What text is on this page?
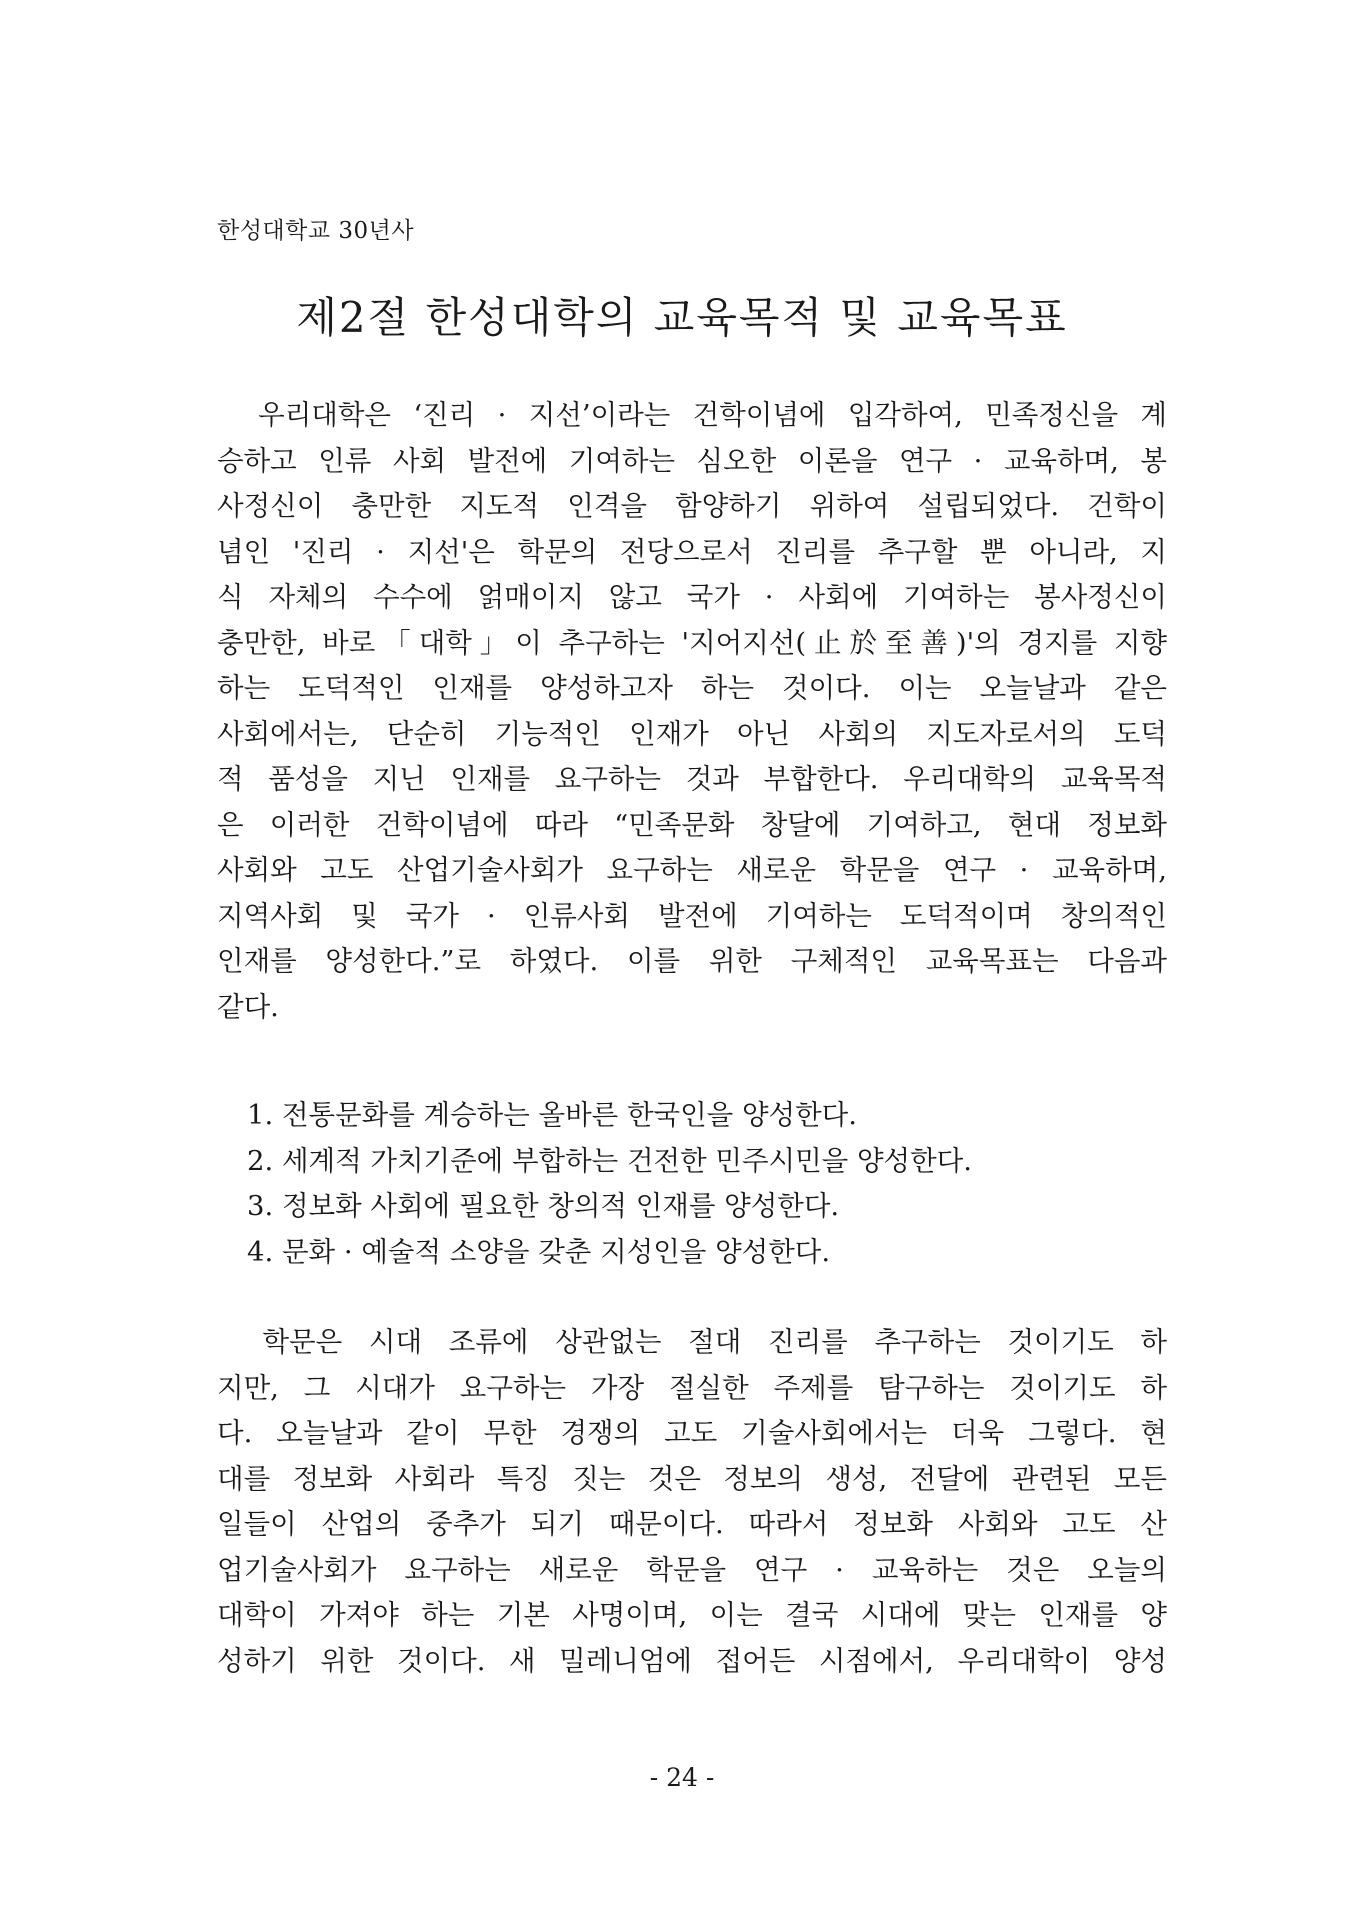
한성대학교 30년사
제2절 한성대학의 교육목적 및 교육목표
　우리대학은 ‘진리 · 지선’이라는 건학이념에 입각하여, 민족정신을 계
승하고 인류 사회 발전에 기여하는 심오한 이론을 연구 · 교육하며, 봉
사정신이 충만한 지도적 인격을 함양하기 위하여 설립되었다. 건학이
념인 '진리 · 지선'은 학문의 전당으로서 진리를 추구할 뿐 아니라, 지
식 자체의 수수에 얽매이지 않고 국가 · 사회에 기여하는 봉사정신이
충만한, 바로「대학」이 추구하는 '지어지선(止於至善)'의 경지를 지향
하는 도덕적인 인재를 양성하고자 하는 것이다. 이는 오늘날과 같은
사회에서는, 단순히 기능적인 인재가 아닌 사회의 지도자로서의 도덕
적 품성을 지닌 인재를 요구하는 것과 부합한다. 우리대학의 교육목적
은 이러한 건학이념에 따라 “민족문화 창달에 기여하고, 현대 정보화
사회와 고도 산업기술사회가 요구하는 새로운 학문을 연구 · 교육하며,
지역사회 및 국가 · 인류사회 발전에 기여하는 도덕적이며 창의적인
인재를 양성한다.”로 하였다. 이를 위한 구체적인 교육목표는 다음과
같다.
1. 전통문화를 계승하는 올바른 한국인을 양성한다.
2. 세계적 가치기준에 부합하는 건전한 민주시민을 양성한다.
3. 정보화 사회에 필요한 창의적 인재를 양성한다.
4. 문화 · 예술적 소양을 갖춘 지성인을 양성한다.
　학문은 시대 조류에 상관없는 절대 진리를 추구하는 것이기도 하
지만, 그 시대가 요구하는 가장 절실한 주제를 탐구하는 것이기도 하
다. 오늘날과 같이 무한 경쟁의 고도 기술사회에서는 더욱 그렇다. 현
대를 정보화 사회라 특징 짓는 것은 정보의 생성, 전달에 관련된 모든
일들이 산업의 중추가 되기 때문이다. 따라서 정보화 사회와 고도 산
업기술사회가 요구하는 새로운 학문을 연구 · 교육하는 것은 오늘의
대학이 가져야 하는 기본 사명이며, 이는 결국 시대에 맞는 인재를 양
성하기 위한 것이다. 새 밀레니엄에 접어든 시점에서, 우리대학이 양성
- 24 -
